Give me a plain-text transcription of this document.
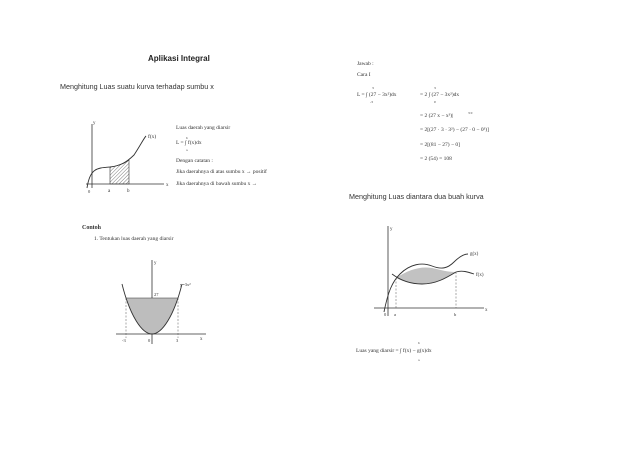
Aplikasi Integral
Menghitung Luas suatu kurva terhadap sumbu x
Menghitung Luas diantara dua buah kurva
y
x
f(x)
0	a	b
Luas daerah yang diarsir
L = ∫ f(x)dx
b
a
Dengan catatan :
Jika daerahnya di atas sumbu x → positif
Jika daerahnya di bawah sumbu x →
Contoh
1. Tentukan luas daerah yang diarsir
y
x
y=3x²
27
-3	0	3
Jawab :
Cara I
L = ∫ (27 − 3x²)dx
3
-3
= 2 ∫ (27 − 3x²)dx
3
0
= 2 (27 x − x³)|	3 0
= 2[(27 · 3 · 3²) − (27 · 0 − 0³)]
= 2[(81 − 27) − 0]
= 2 (54) = 108
y
x
g(x)
f(x)
0 a	b
Luas yang diarsir = ∫ f(x) − g(x)dx
b
a
